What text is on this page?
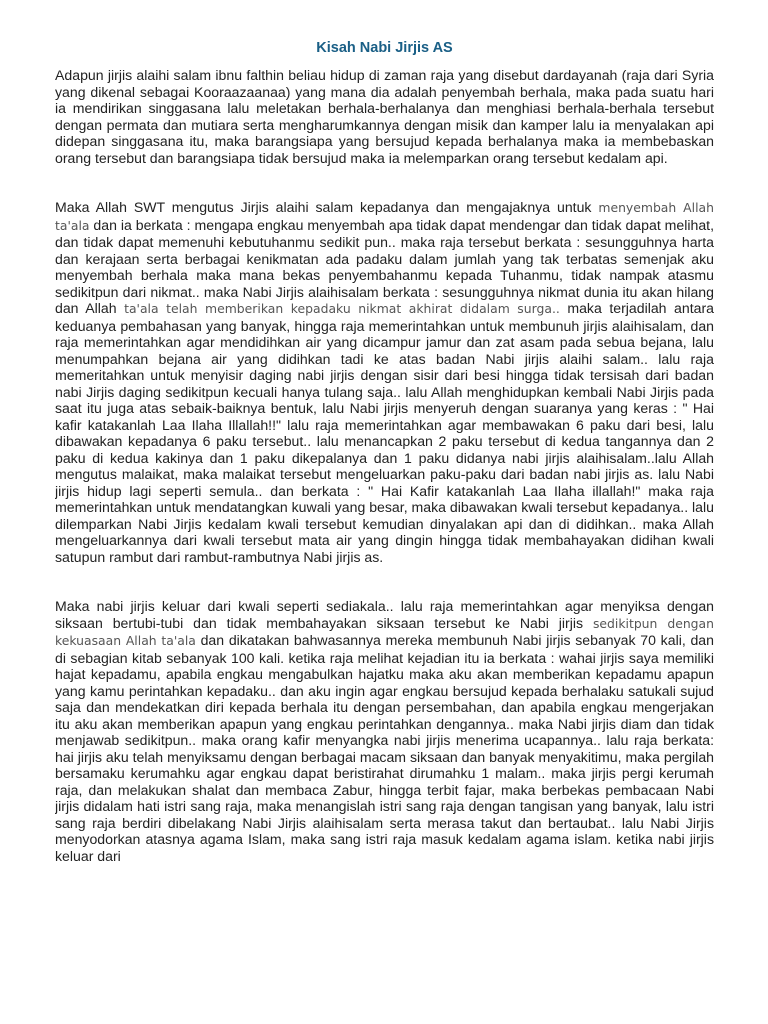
Kisah Nabi Jirjis AS

Adapun jirjis alaihi salam ibnu falthin beliau hidup di zaman raja yang disebut dardayanah (raja dari Syria yang dikenal sebagai Kooraazaanaa) yang mana dia adalah penyembah berhala, maka pada suatu hari ia mendirikan singgasana lalu meletakan berhala-berhalanya dan menghiasi berhala-berhala tersebut dengan permata dan mutiara serta mengharumkannya dengan misik dan kamper lalu ia menyalakan api didepan singgasana itu, maka barangsiapa yang bersujud kepada berhalanya maka ia membebaskan orang tersebut dan barangsiapa tidak bersujud maka ia melemparkan orang tersebut kedalam api.

Maka Allah SWT mengutus Jirjis alaihi salam kepadanya dan mengajaknya untuk menyembah Allah ta'ala dan ia berkata : mengapa engkau menyembah apa tidak dapat mendengar dan tidak dapat melihat, dan tidak dapat memenuhi kebutuhanmu sedikit pun.. maka raja tersebut berkata : sesungguhnya harta dan kerajaan serta berbagai kenikmatan ada padaku dalam jumlah yang tak terbatas semenjak aku menyembah berhala maka mana bekas penyembahanmu kepada Tuhanmu, tidak nampak atasmu sedikitpun dari nikmat.. maka Nabi Jirjis alaihisalam berkata : sesungguhnya nikmat dunia itu akan hilang dan Allah ta'ala telah memberikan kepadaku nikmat akhirat didalam surga.. maka terjadilah antara keduanya pembahasan yang banyak, hingga raja memerintahkan untuk membunuh jirjis alaihisalam, dan raja memerintahkan agar mendidihkan air yang dicampur jamur dan zat asam pada sebua bejana, lalu menumpahkan bejana air yang didihkan tadi ke atas badan Nabi jirjis alaihi salam.. lalu raja memeritahkan untuk menyisir daging nabi jirjis dengan sisir dari besi hingga tidak tersisah dari badan nabi Jirjis daging sedikitpun kecuali hanya tulang saja.. lalu Allah menghidupkan kembali Nabi Jirjis pada saat itu juga atas sebaik-baiknya bentuk, lalu Nabi jirjis menyeruh dengan suaranya yang keras : " Hai kafir katakanlah Laa Ilaha Illallah!!" lalu raja memerintahkan agar membawakan 6 paku dari besi, lalu dibawakan kepadanya 6 paku tersebut.. lalu menancapkan 2 paku tersebut di kedua tangannya dan 2 paku di kedua kakinya dan 1 paku dikepalanya dan 1 paku didanya nabi jirjis alaihisalam..lalu Allah mengutus malaikat, maka malaikat tersebut mengeluarkan paku-paku dari badan nabi jirjis as. lalu Nabi jirjis hidup lagi seperti semula.. dan berkata : " Hai Kafir katakanlah Laa Ilaha illallah!" maka raja memerintahkan untuk mendatangkan kuwali yang besar, maka dibawakan kwali tersebut kepadanya.. lalu dilemparkan Nabi Jirjis kedalam kwali tersebut kemudian dinyalakan api dan di didihkan.. maka Allah mengeluarkannya dari kwali tersebut mata air yang dingin hingga tidak membahayakan didihan kwali satupun rambut dari rambut-rambutnya Nabi jirjis as.

Maka nabi jirjis keluar dari kwali seperti sediakala.. lalu raja memerintahkan agar menyiksa dengan siksaan bertubi-tubi dan tidak membahayakan siksaan tersebut ke Nabi jirjis sedikitpun dengan kekuasaan Allah ta'ala dan dikatakan bahwasannya mereka membunuh Nabi jirjis sebanyak 70 kali, dan di sebagian kitab sebanyak 100 kali. ketika raja melihat kejadian itu ia berkata : wahai jirjis saya memiliki hajat kepadamu, apabila engkau mengabulkan hajatku maka aku akan memberikan kepadamu apapun yang kamu perintahkan kepadaku.. dan aku ingin agar engkau bersujud kepada berhalaku satukali sujud saja dan mendekatkan diri kepada berhala itu dengan persembahan, dan apabila engkau mengerjakan itu aku akan memberikan apapun yang engkau perintahkan dengannya.. maka Nabi jirjis diam dan tidak menjawab sedikitpun.. maka orang kafir menyangka nabi jirjis menerima ucapannya.. lalu raja berkata: hai jirjis aku telah menyiksamu dengan berbagai macam siksaan dan banyak menyakitimu, maka pergilah bersamaku kerumahku agar engkau dapat beristirahat dirumahku 1 malam.. maka jirjis pergi kerumah raja, dan melakukan shalat dan membaca Zabur, hingga terbit fajar, maka berbekas pembacaan Nabi jirjis didalam hati istri sang raja, maka menangislah istri sang raja dengan tangisan yang banyak, lalu istri sang raja berdiri dibelakang Nabi Jirjis alaihisalam serta merasa takut dan bertaubat.. lalu Nabi Jirjis menyodorkan atasnya agama Islam, maka sang istri raja masuk kedalam agama islam. ketika nabi jirjis keluar dari
